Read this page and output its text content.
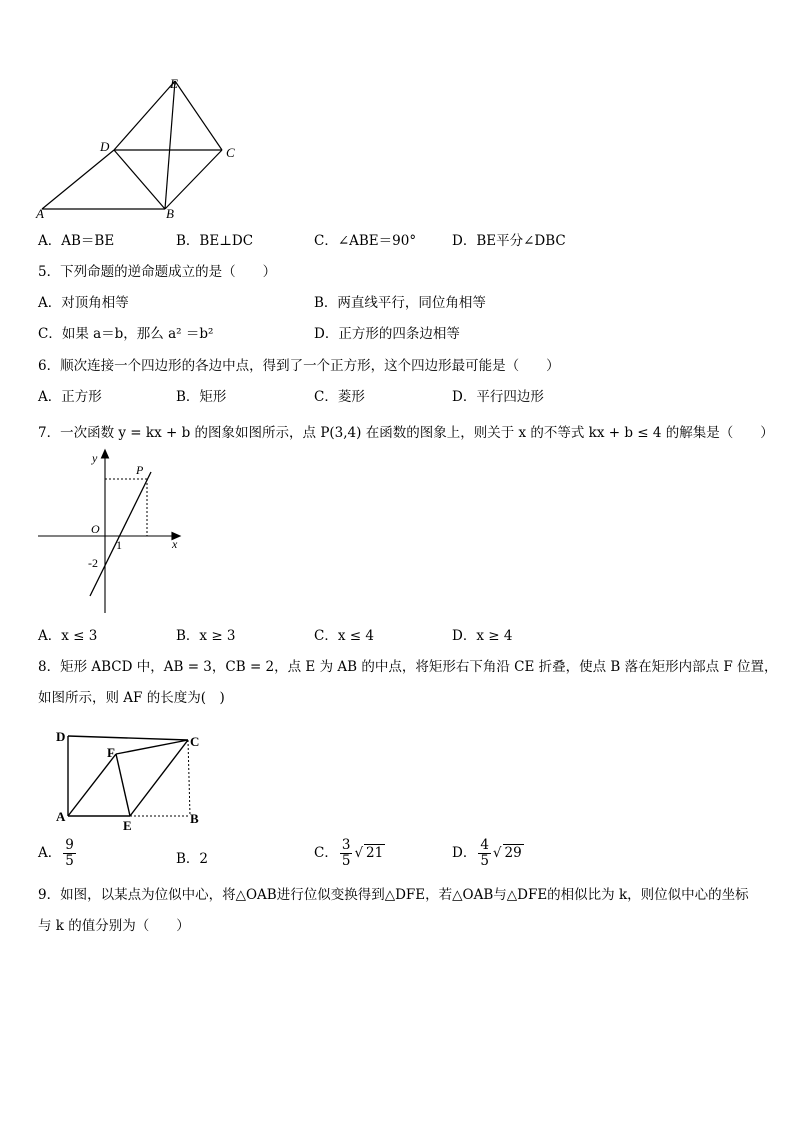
E
D	C
A	B
A．AB＝BE	B．BE⊥DC	C．∠ABE＝90°	D．BE平分∠DBC
5．下列命题的逆命题成立的是（　　）
A．对顶角相等	B．两直线平行，同位角相等
C．如果 a＝b，那么 a² ＝b²	D．正方形的四条边相等
6．顺次连接一个四边形的各边中点，得到了一个正方形，这个四边形最可能是（　　）
A．正方形	B．矩形	C．菱形	D．平行四边形
7．一次函数 y = kx + b 的图象如图所示，点 P(3,4) 在函数的图象上，则关于 x 的不等式 kx + b ≤ 4 的解集是（　　）
y
x
O
1
-2
P
A．x ≤ 3	B．x ≥ 3	C．x ≤ 4	D．x ≥ 4
8．矩形 ABCD 中，AB = 3，CB = 2，点 E 为 AB 的中点，将矩形右下角沿 CE 折叠，使点 B 落在矩形内部点 F 位置，
如图所示，则 AF 的长度为(　)
D	C
F
A
E	B
A． $\frac{9}{5}$	B．2	C． $\frac{3}{5}$ √ 21	D． $\frac{4}{5}$ √ 29
9．如图，以某点为位似中心，将△OAB进行位似变换得到△DFE，若△OAB与△DFE的相似比为 k，则位似中心的坐标
与 k 的值分别为（　　）
